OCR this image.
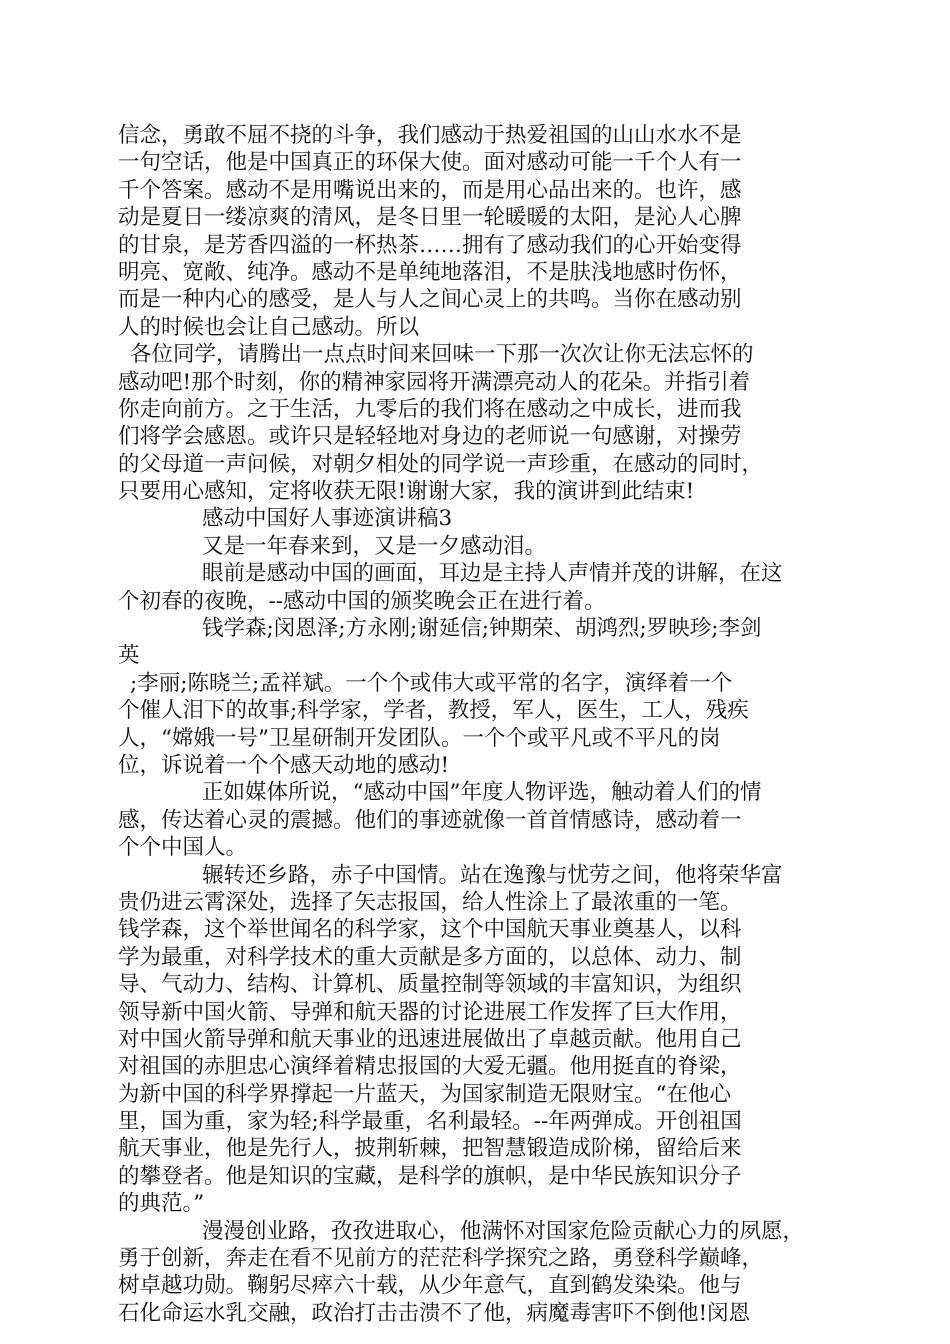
信念，勇敢不屈不挠的斗争，我们感动于热爱祖国的山山水水不是
一句空话，他是中国真正的环保大使。面对感动可能一千个人有一
千个答案。感动不是用嘴说出来的，而是用心品出来的。也许，感
动是夏日一缕凉爽的清风，是冬日里一轮暖暖的太阳，是沁人心脾
的甘泉，是芳香四溢的一杯热茶……拥有了感动我们的心开始变得
明亮、宽敞、纯净。感动不是单纯地落泪，不是肤浅地感时伤怀，
而是一种内心的感受，是人与人之间心灵上的共鸣。当你在感动别
人的时候也会让自己感动。所以
各位同学，请腾出一点点时间来回味一下那一次次让你无法忘怀的
感动吧!那个时刻，你的精神家园将开满漂亮动人的花朵。并指引着
你走向前方。之于生活，九零后的我们将在感动之中成长，进而我
们将学会感恩。或许只是轻轻地对身边的老师说一句感谢，对操劳
的父母道一声问候，对朝夕相处的同学说一声珍重，在感动的同时，
只要用心感知，定将收获无限!谢谢大家，我的演讲到此结束!
感动中国好人事迹演讲稿3
又是一年春来到，又是一夕感动泪。
眼前是感动中国的画面，耳边是主持人声情并茂的讲解，在这
个初春的夜晚，--感动中国的颁奖晚会正在进行着。
钱学森;闵恩泽;方永刚;谢延信;钟期荣、胡鸿烈;罗映珍;李剑
英
;李丽;陈晓兰;孟祥斌。一个个或伟大或平常的名字，演绎着一个
个催人泪下的故事;科学家，学者，教授，军人，医生，工人，残疾
人，“嫦娥一号”卫星研制开发团队。一个个或平凡或不平凡的岗
位，诉说着一个个感天动地的感动!
正如媒体所说，“感动中国”年度人物评选，触动着人们的情
感，传达着心灵的震撼。他们的事迹就像一首首情感诗，感动着一
个个中国人。
辗转还乡路，赤子中国情。站在逸豫与忧劳之间，他将荣华富
贵仍进云霄深处，选择了矢志报国，给人性涂上了最浓重的一笔。
钱学森，这个举世闻名的科学家，这个中国航天事业奠基人，以科
学为最重，对科学技术的重大贡献是多方面的，以总体、动力、制
导、气动力、结构、计算机、质量控制等领域的丰富知识，为组织
领导新中国火箭、导弹和航天器的讨论进展工作发挥了巨大作用，
对中国火箭导弹和航天事业的迅速进展做出了卓越贡献。他用自己
对祖国的赤胆忠心演绎着精忠报国的大爱无疆。他用挺直的脊梁，
为新中国的科学界撑起一片蓝天，为国家制造无限财宝。“在他心
里，国为重，家为轻;科学最重，名利最轻。--年两弹成。开创祖国
航天事业，他是先行人，披荆斩棘，把智慧锻造成阶梯，留给后来
的攀登者。他是知识的宝藏，是科学的旗帜，是中华民族知识分子
的典范。”
漫漫创业路，孜孜进取心，他满怀对国家危险贡献心力的夙愿，
勇于创新，奔走在看不见前方的茫茫科学探究之路，勇登科学巅峰，
树卓越功勋。鞠躬尽瘁六十载，从少年意气，直到鹤发染染。他与
石化命运水乳交融，政治打击击溃不了他，病魔毒害吓不倒他!闵恩
